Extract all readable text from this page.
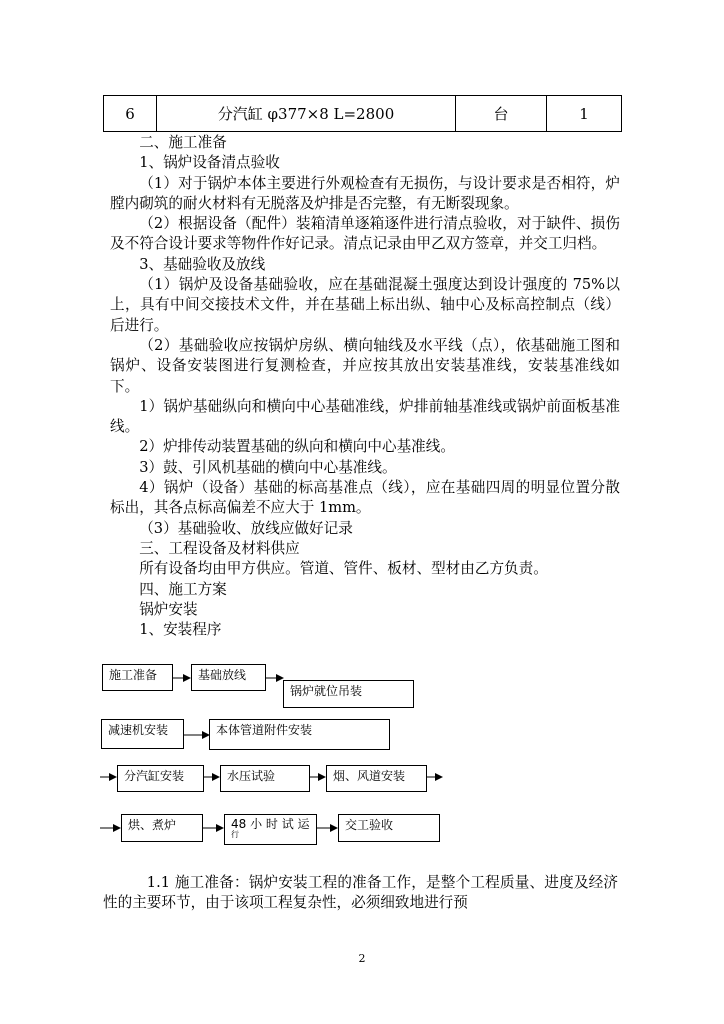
6	分汽缸 φ377×8 L=2800	台	1

二、施工准备

1、锅炉设备清点验收

（1）对于锅炉本体主要进行外观检查有无损伤，与设计要求是否相符，炉膛内砌筑的耐火材料有无脱落及炉排是否完整，有无断裂现象。

（2）根据设备（配件）装箱清单逐箱逐件进行清点验收，对于缺件、损伤及不符合设计要求等物件作好记录。清点记录由甲乙双方签章，并交工归档。

3、基础验收及放线

（1）锅炉及设备基础验收，应在基础混凝土强度达到设计强度的 75%以上，具有中间交接技术文件，并在基础上标出纵、轴中心及标高控制点（线）后进行。

（2）基础验收应按锅炉房纵、横向轴线及水平线（点），依基础施工图和锅炉、设备安装图进行复测检查，并应按其放出安装基准线，安装基准线如下。

1）锅炉基础纵向和横向中心基础准线，炉排前轴基准线或锅炉前面板基准线。

2）炉排传动装置基础的纵向和横向中心基准线。

3）鼓、引风机基础的横向中心基准线。

4）锅炉（设备）基础的标高基准点（线），应在基础四周的明显位置分散标出，其各点标高偏差不应大于 1mm。

（3）基础验收、放线应做好记录

三、工程设备及材料供应

所有设备均由甲方供应。管道、管件、板材、型材由乙方负责。

四、施工方案

锅炉安装

1、安装程序

施工准备	基础放线
锅炉就位吊装
减速机安装	本体管道附件安装
分汽缸安装	水压试验	烟、风道安装
烘、煮炉	48 小 时 试 运
行
交工验收

1.1 施工准备：锅炉安装工程的准备工作，是整个工程质量、进度及经济性的主要环节，由于该项工程复杂性，必须细致地进行预

2
